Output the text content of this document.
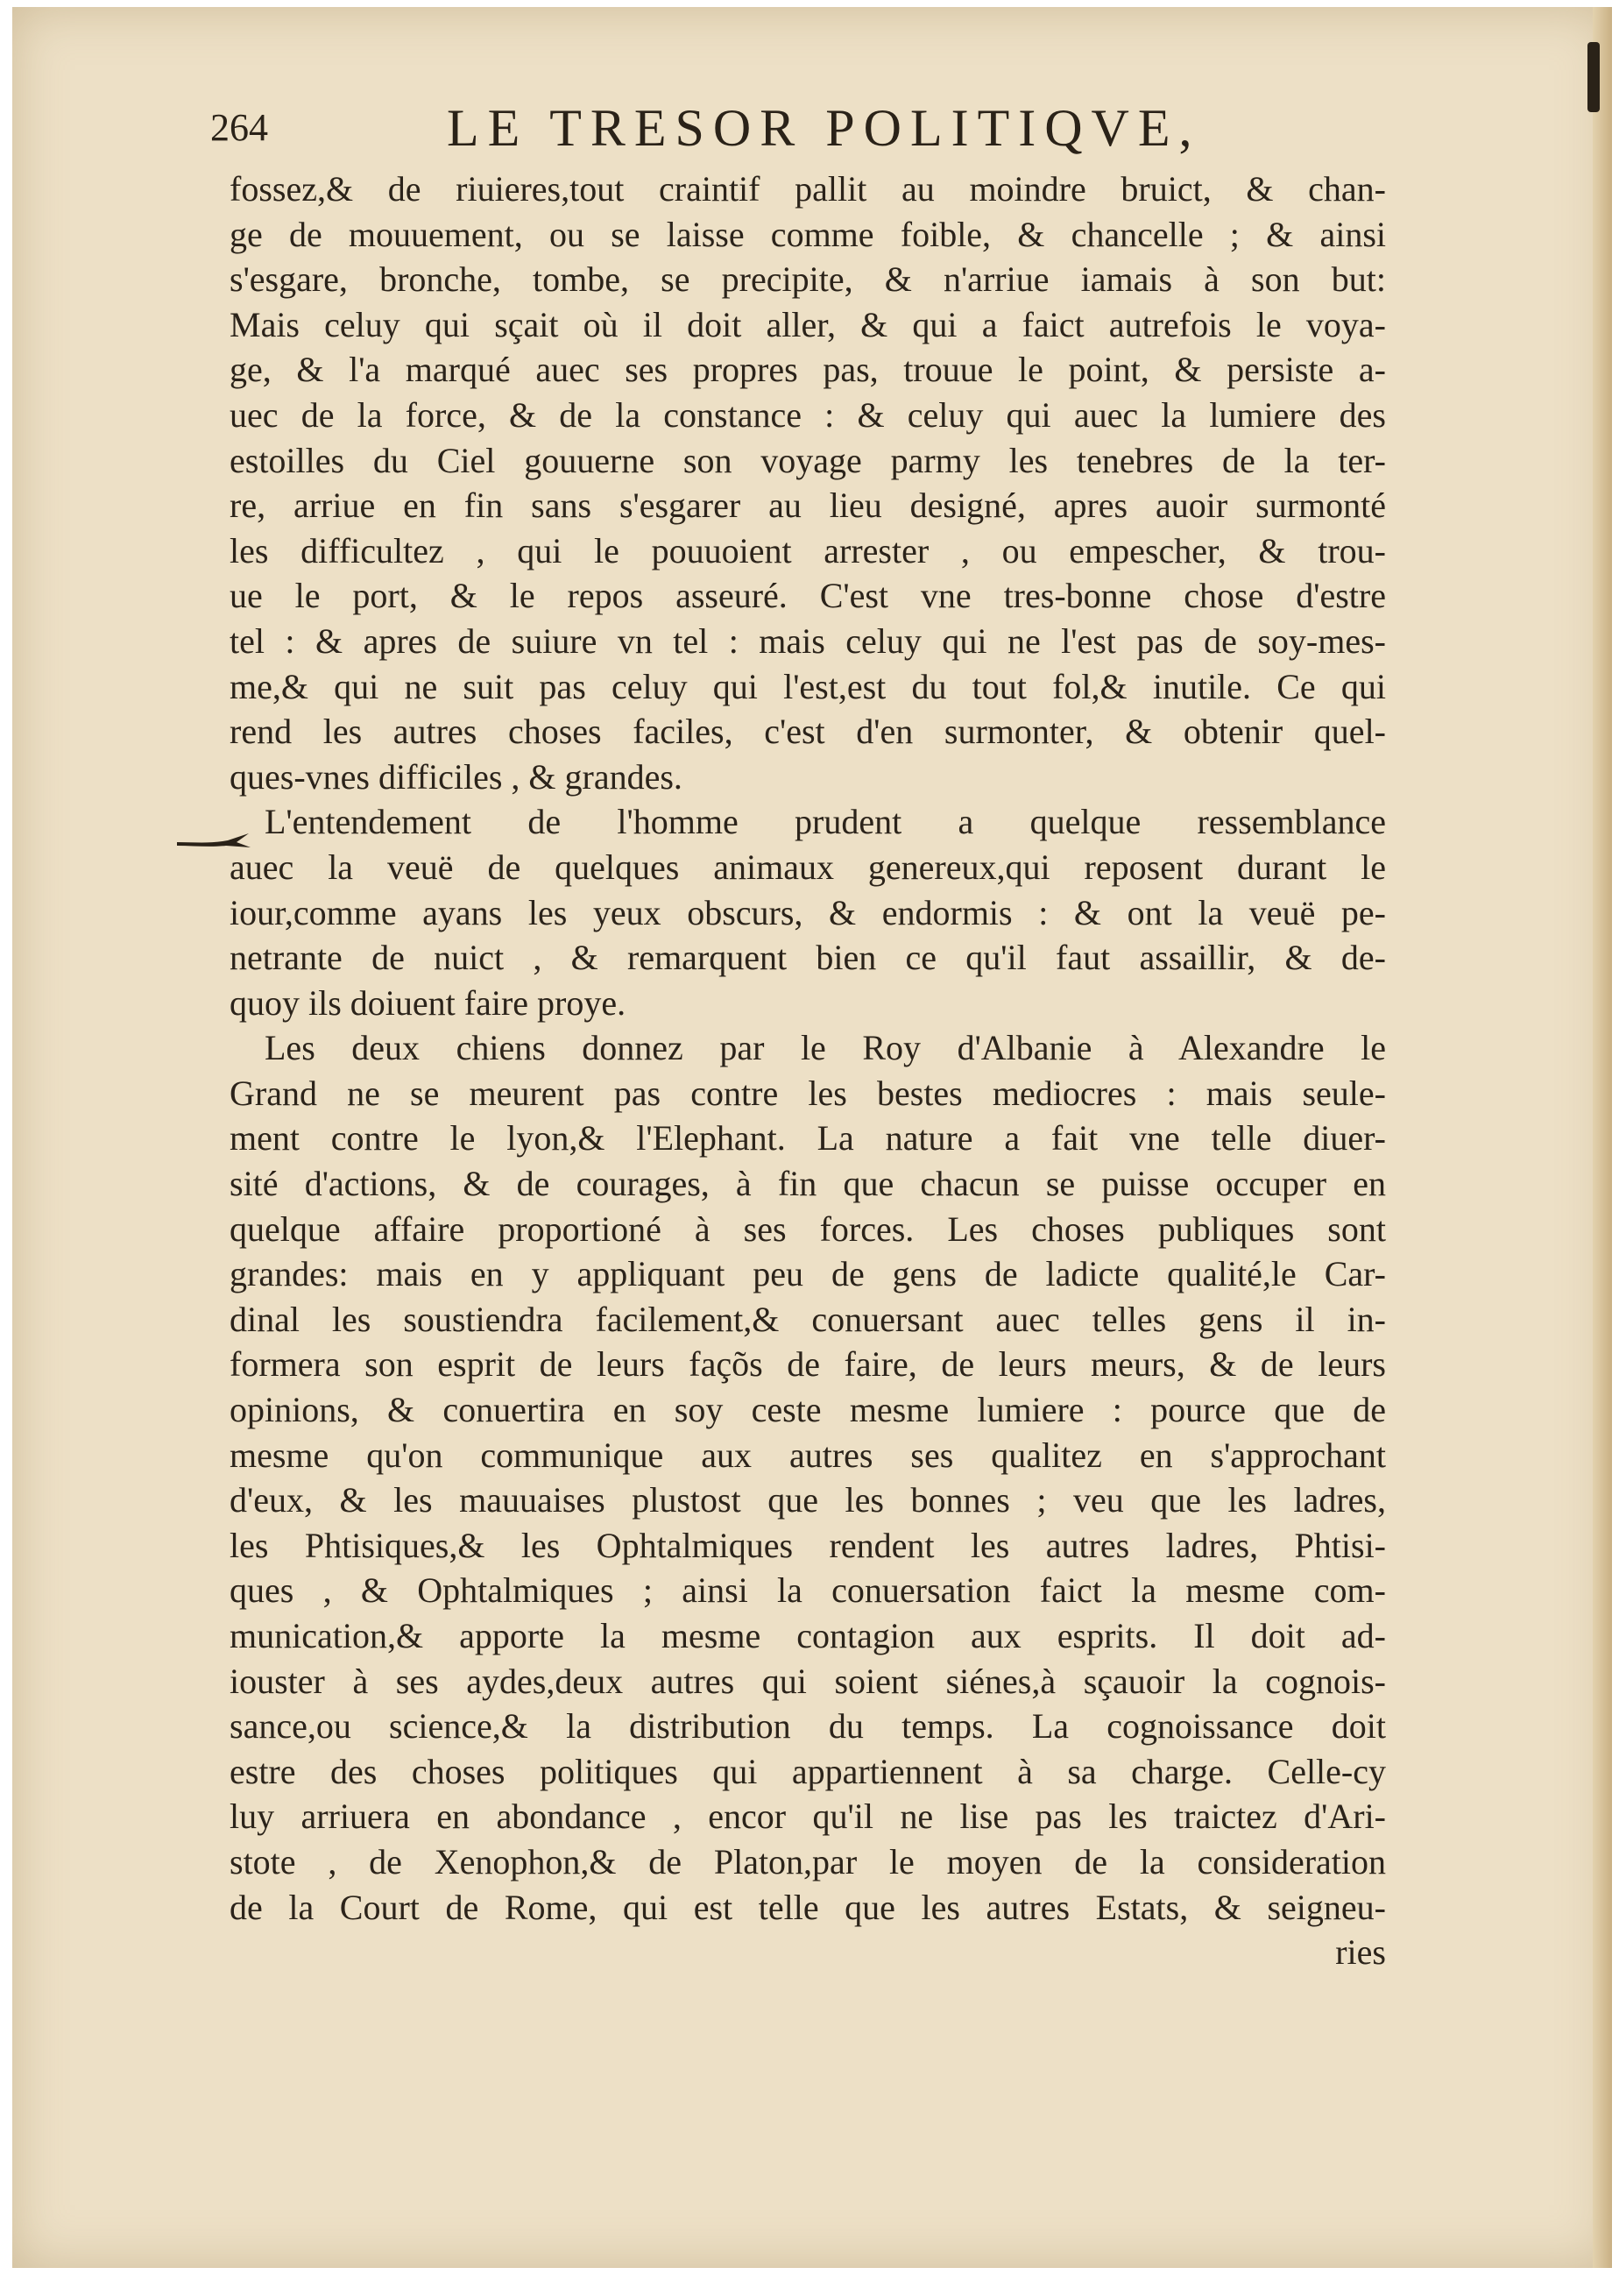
264	LE TRESOR POLITIQVE,
fossez,& de riuieres,tout craintif pallit au moindre bruict, & chan-
ge de mouuement, ou se laisse comme foible, & chancelle ; & ainsi
s'esgare, bronche, tombe, se precipite, & n'arriue iamais à son but:
Mais celuy qui sçait où il doit aller, & qui a faict autrefois le voya-
ge, & l'a marqué auec ses propres pas, trouue le point, & persiste a-
uec de la force, & de la constance : & celuy qui auec la lumiere des
estoilles du Ciel gouuerne son voyage parmy les tenebres de la ter-
re, arriue en fin sans s'esgarer au lieu designé, apres auoir surmonté
les difficultez , qui le pouuoient arrester , ou empescher, & trou-
ue le port, & le repos asseuré. C'est vne tres-bonne chose d'estre
tel : & apres de suiure vn tel : mais celuy qui ne l'est pas de soy-mes-
me,& qui ne suit pas celuy qui l'est,est du tout fol,& inutile. Ce qui
rend les autres choses faciles, c'est d'en surmonter, & obtenir quel-
ques-vnes difficiles , & grandes.
L'entendement de l'homme prudent a quelque ressemblance
auec la veuë de quelques animaux genereux,qui reposent durant le
iour,comme ayans les yeux obscurs, & endormis : & ont la veuë pe-
netrante de nuict , & remarquent bien ce qu'il faut assaillir, & de-
quoy ils doiuent faire proye.
Les deux chiens donnez par le Roy d'Albanie à Alexandre le
Grand ne se meurent pas contre les bestes mediocres : mais seule-
ment contre le lyon,& l'Elephant. La nature a fait vne telle diuer-
sité d'actions, & de courages, à fin que chacun se puisse occuper en
quelque affaire proportioné à ses forces. Les choses publiques sont
grandes: mais en y appliquant peu de gens de ladicte qualité,le Car-
dinal les soustiendra facilement,& conuersant auec telles gens il in-
formera son esprit de leurs façõs de faire, de leurs meurs, & de leurs
opinions, & conuertira en soy ceste mesme lumiere : pource que de
mesme qu'on communique aux autres ses qualitez en s'approchant
d'eux, & les mauuaises plustost que les bonnes ; veu que les ladres,
les Phtisiques,& les Ophtalmiques rendent les autres ladres, Phtisi-
ques , & Ophtalmiques ; ainsi la conuersation faict la mesme com-
munication,& apporte la mesme contagion aux esprits. Il doit ad-
iouster à ses aydes,deux autres qui soient siénes,à sçauoir la cognois-
sance,ou science,& la distribution du temps. La cognoissance doit
estre des choses politiques qui appartiennent à sa charge. Celle-cy
luy arriuera en abondance , encor qu'il ne lise pas les traictez d'Ari-
stote , de Xenophon,& de Platon,par le moyen de la consideration
de la Court de Rome, qui est telle que les autres Estats, & seigneu-
ries
